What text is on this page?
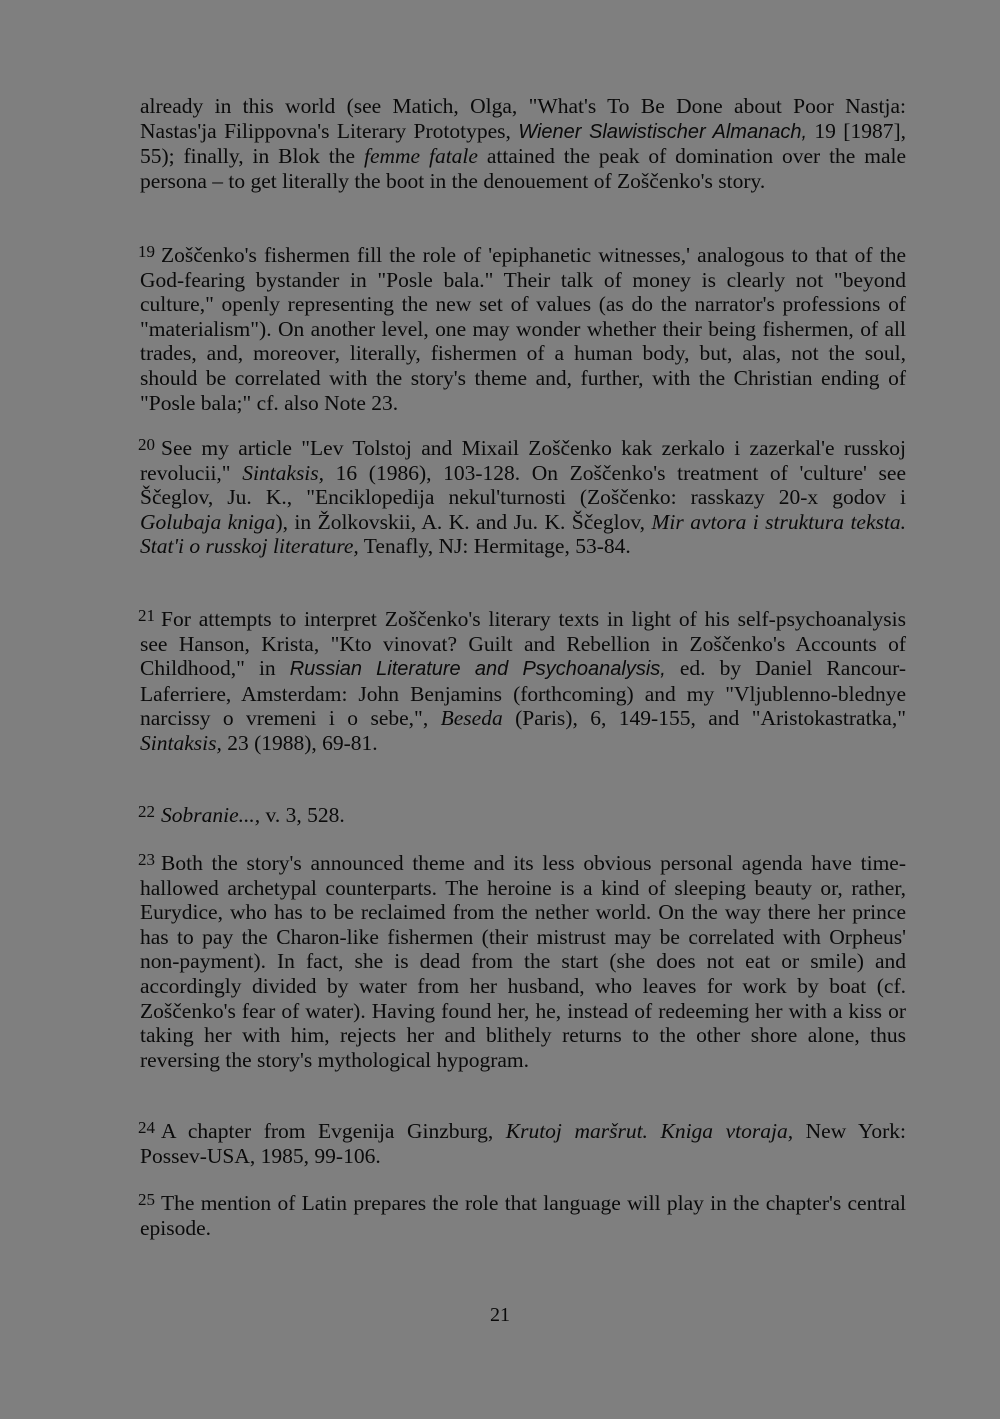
already in this world (see Matich, Olga, "What's To Be Done about Poor Nastja: Nastas'ja Filippovna's Literary Prototypes, Wiener Slawistischer Almanach, 19 [1987], 55); finally, in Blok the femme fatale attained the peak of domination over the male persona – to get literally the boot in the denouement of Zoščenko's story.

$^{19}$ Zoščenko's fishermen fill the role of 'epiphanetic witnesses,' analogous to that of the God-fearing bystander in "Posle bala." Their talk of money is clearly not "beyond culture," openly representing the new set of values (as do the narrator's professions of "materialism"). On another level, one may wonder whether their being fishermen, of all trades, and, moreover, literally, fishermen of a human body, but, alas, not the soul, should be correlated with the story's theme and, further, with the Christian ending of "Posle bala;" cf. also Note 23.

$^{20}$ See my article "Lev Tolstoj and Mixail Zoščenko kak zerkalo i zazerkal'e russkoj revolucii," Sintaksis, 16 (1986), 103-128. On Zoščenko's treatment of 'culture' see Ščeglov, Ju. K., "Enciklopedija nekul'turnosti (Zoščenko: rasskazy 20-x godov i Golubaja kniga), in Žolkovskii, A. K. and Ju. K. Ščeglov, Mir avtora i struktura teksta. Stat'i o russkoj literature, Tenafly, NJ: Hermitage, 53-84.

$^{21}$ For attempts to interpret Zoščenko's literary texts in light of his self-psychoanalysis see Hanson, Krista, "Kto vinovat? Guilt and Rebellion in Zoščenko's Accounts of Childhood," in Russian Literature and Psychoanalysis, ed. by Daniel Rancour-Laferriere, Amsterdam: John Benjamins (forthcoming) and my "Vljublenno-blednye narcissy o vremeni i o sebe,", Beseda (Paris), 6, 149-155, and "Aristokastratka," Sintaksis, 23 (1988), 69-81.

$^{22}$ Sobranie..., v. 3, 528.

$^{23}$ Both the story's announced theme and its less obvious personal agenda have time-hallowed archetypal counterparts. The heroine is a kind of sleeping beauty or, rather, Eurydice, who has to be reclaimed from the nether world. On the way there her prince has to pay the Charon-like fishermen (their mistrust may be correlated with Orpheus' non-payment). In fact, she is dead from the start (she does not eat or smile) and accordingly divided by water from her husband, who leaves for work by boat (cf. Zoščenko's fear of water). Having found her, he, instead of redeeming her with a kiss or taking her with him, rejects her and blithely returns to the other shore alone, thus reversing the story's mythological hypogram.

$^{24}$ A chapter from Evgenija Ginzburg, Krutoj maršrut. Kniga vtoraja, New York: Possev-USA, 1985, 99-106.

$^{25}$ The mention of Latin prepares the role that language will play in the chapter's central episode.

21
